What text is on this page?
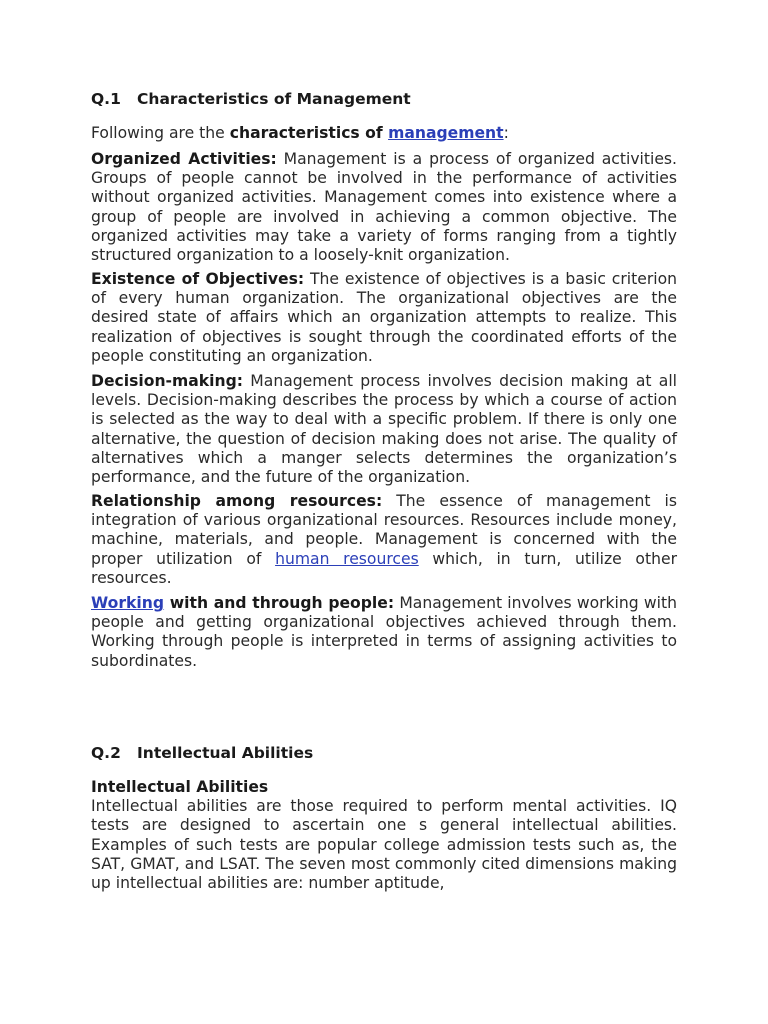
Q.1   Characteristics of Management

Following are the characteristics of management:

Organized Activities: Management is a process of organized activities. Groups of people cannot be involved in the performance of activities without organized activities. Management comes into existence where a group of people are involved in achieving a common objective. The organized activities may take a variety of forms ranging from a tightly structured organization to a loosely-knit organization.

Existence of Objectives: The existence of objectives is a basic criterion of every human organization. The organizational objectives are the desired state of affairs which an organization attempts to realize. This realization of objectives is sought through the coordinated efforts of the people constituting an organization.

Decision-making: Management process involves decision making at all levels. Decision-making describes the process by which a course of action is selected as the way to deal with a specific problem. If there is only one alternative, the question of decision making does not arise. The quality of alternatives which a manger selects determines the organization’s performance, and the future of the organization.

Relationship among resources: The essence of management is integration of various organizational resources. Resources include money, machine, materials, and people. Management is concerned with the proper utilization of human resources which, in turn, utilize other resources.

Working with and through people: Management involves working with people and getting organizational objectives achieved through them. Working through people is interpreted in terms of assigning activities to subordinates.

Q.2   Intellectual Abilities

Intellectual Abilities
Intellectual abilities are those required to perform mental activities. IQ tests are designed to ascertain one s general intellectual abilities. Examples of such tests are popular college admission tests such as, the SAT, GMAT, and LSAT. The seven most commonly cited dimensions making up intellectual abilities are: number aptitude,
